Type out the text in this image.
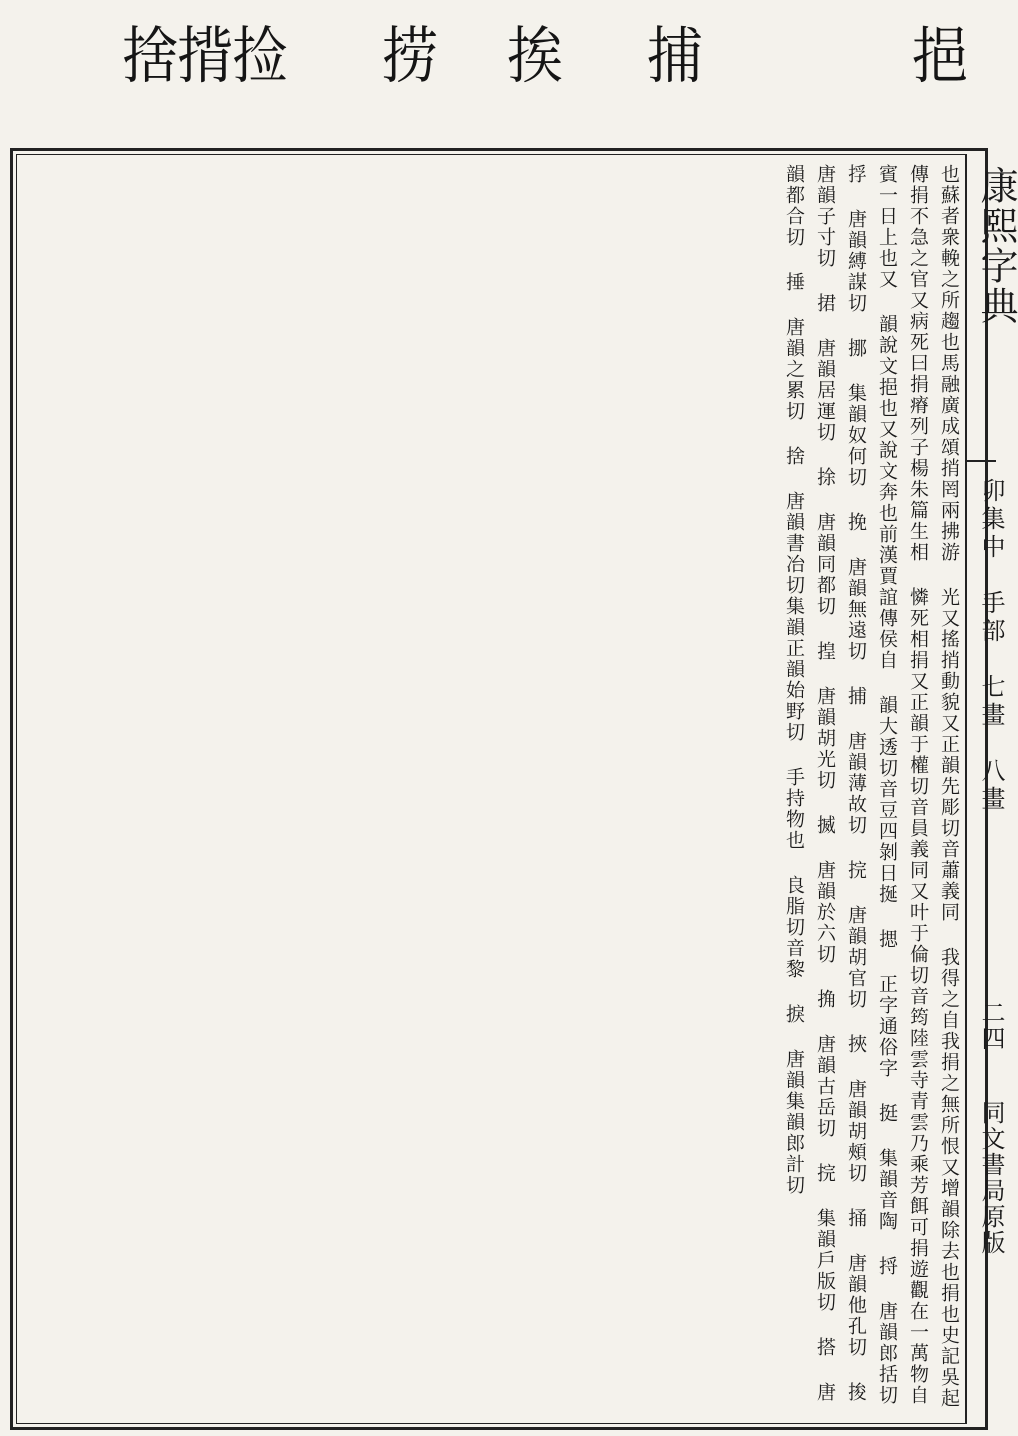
挹
捕
挨
捞
捡
揹
捨
康熙字典
卯集中　手部　七畫　八畫
二四
同文書局原版
也蘇者衆輓之所趨也馬融廣成頌捎罔兩拂游 光又搖捎動貌又正韻先彫切音蕭義同 我得之自我捐之無所恨又增韻除去也捐也史記吳起傳捐不急之官又病死曰捐瘠列子楊朱篇生相 憐死相捐又正韻于權切音員義同又叶于倫切音筠陸雲寺青雲乃乘芳餌可捐遊觀在一萬物自賓一日上也又 韻說文挹也又說文奔也前漢賈誼傳侯自 韻大透切音豆四剝日挻 揌 正字通俗字 挺 集韻音陶 捋 唐韻郎括切 捊 唐韻縛謀切 挪 集韻奴何切 挽 唐韻無遠切 捕 唐韻薄故切 捖 唐韻胡官切 挾 唐韻胡頰切 捅 唐韻他孔切 捘 唐韻子寸切 捃 唐韻居運切 捈 唐韻同都切 揘 唐韻胡光切 揻 唐韻於六切 捔 唐韻古岳切 捖 集韻戶版切 搭 唐韻都合切 捶 唐韻之累切 捨 唐韻書冶切集韻正韻始野切 手持物也 良脂切音黎 捩 唐韻集韻郎計切
